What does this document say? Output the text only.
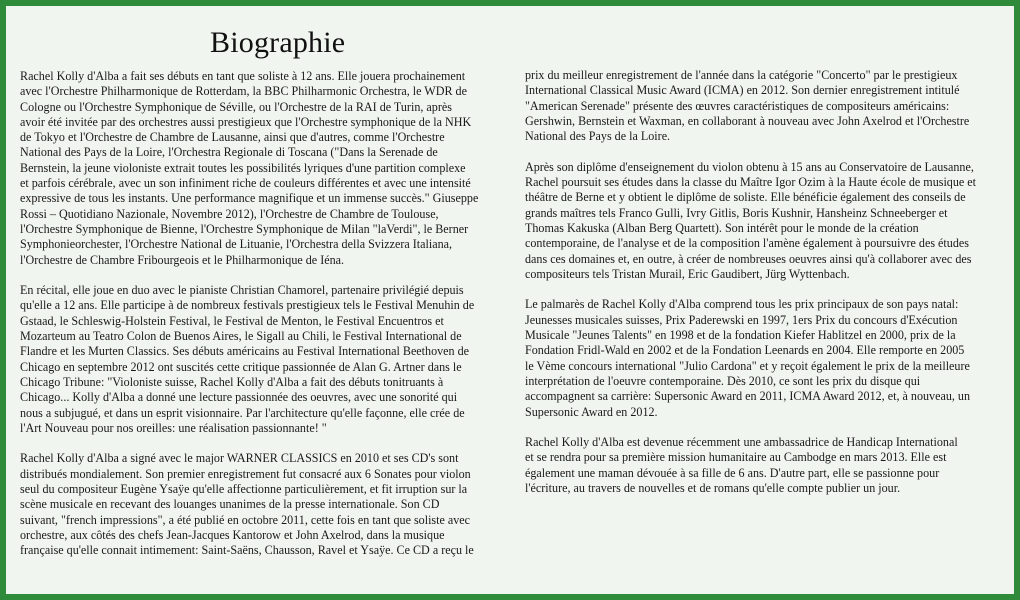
Biographie

Rachel Kolly d'Alba a fait ses débuts en tant que soliste à 12 ans. Elle jouera prochainement
avec l'Orchestre Philharmonique de Rotterdam, la BBC Philharmonic Orchestra, le WDR de
Cologne ou l'Orchestre Symphonique de Séville, ou l'Orchestre de la RAI de Turin, après
avoir été invitée par des orchestres aussi prestigieux que l'Orchestre symphonique de la NHK
de Tokyo et l'Orchestre de Chambre de Lausanne, ainsi que d'autres, comme l'Orchestre
National des Pays de la Loire, l'Orchestra Regionale di Toscana ("Dans la Serenade de
Bernstein, la jeune violoniste extrait toutes les possibilités lyriques d'une partition complexe
et parfois cérébrale, avec un son infiniment riche de couleurs différentes et avec une intensité
expressive de tous les instants. Une performance magnifique et un immense succès." Giuseppe
Rossi – Quotidiano Nazionale, Novembre 2012), l'Orchestre de Chambre de Toulouse,
l'Orchestre Symphonique de Bienne, l'Orchestre Symphonique de Milan "laVerdi", le Berner
Symphonieorchester, l'Orchestre National de Lituanie, l'Orchestra della Svizzera Italiana,
l'Orchestre de Chambre Fribourgeois et le Philharmonique de Iéna.

En récital, elle joue en duo avec le pianiste Christian Chamorel, partenaire privilégié depuis
qu'elle a 12 ans. Elle participe à de nombreux festivals prestigieux tels le Festival Menuhin de
Gstaad, le Schleswig-Holstein Festival, le Festival de Menton, le Festival Encuentros et
Mozarteum au Teatro Colon de Buenos Aires, le Sigall au Chili, le Festival International de
Flandre et les Murten Classics. Ses débuts américains au Festival International Beethoven de
Chicago en septembre 2012 ont suscités cette critique passionnée de Alan G. Artner dans le
Chicago Tribune: "Violoniste suisse, Rachel Kolly d'Alba a fait des débuts tonitruants à
Chicago... Kolly d'Alba a donné une lecture passionnée des oeuvres, avec une sonorité qui
nous a subjugué, et dans un esprit visionnaire. Par l'architecture qu'elle façonne, elle crée de
l'Art Nouveau pour nos oreilles: une réalisation passionnante! "

Rachel Kolly d'Alba a signé avec le major WARNER CLASSICS en 2010 et ses CD's sont
distribués mondialement. Son premier enregistrement fut consacré aux 6 Sonates pour violon
seul du compositeur Eugène Ysaÿe qu'elle affectionne particulièrement, et fit irruption sur la
scène musicale en recevant des louanges unanimes de la presse internationale. Son CD
suivant, "french impressions", a été publié en octobre 2011, cette fois en tant que soliste avec
orchestre, aux côtés des chefs Jean-Jacques Kantorow et John Axelrod, dans la musique
française qu'elle connait intimement: Saint-Saëns, Chausson, Ravel et Ysaÿe. Ce CD a reçu le

prix du meilleur enregistrement de l'année dans la catégorie "Concerto" par le prestigieux
International Classical Music Award (ICMA) en 2012. Son dernier enregistrement intitulé
"American Serenade" présente des œuvres caractéristiques de compositeurs américains:
Gershwin, Bernstein et Waxman, en collaborant à nouveau avec John Axelrod et l'Orchestre
National des Pays de la Loire.

Après son diplôme d'enseignement du violon obtenu à 15 ans au Conservatoire de Lausanne,
Rachel poursuit ses études dans la classe du Maître Igor Ozim à la Haute école de musique et
théâtre de Berne et y obtient le diplôme de soliste. Elle bénéficie également des conseils de
grands maîtres tels Franco Gulli, Ivry Gitlis, Boris Kushnir, Hansheinz Schneeberger et
Thomas Kakuska (Alban Berg Quartett). Son intérêt pour le monde de la création
contemporaine, de l'analyse et de la composition l'amène également à poursuivre des études
dans ces domaines et, en outre, à créer de nombreuses oeuvres ainsi qu'à collaborer avec des
compositeurs tels Tristan Murail, Eric Gaudibert, Jürg Wyttenbach.

Le palmarès de Rachel Kolly d'Alba comprend tous les prix principaux de son pays natal:
Jeunesses musicales suisses, Prix Paderewski en 1997, 1ers Prix du concours d'Exécution
Musicale "Jeunes Talents" en 1998 et de la fondation Kiefer Hablitzel en 2000, prix de la
Fondation Fridl-Wald en 2002 et de la Fondation Leenards en 2004. Elle remporte en 2005
le Vème concours international "Julio Cardona" et y reçoit également le prix de la meilleure
interprétation de l'oeuvre contemporaine. Dès 2010, ce sont les prix du disque qui
accompagnent sa carrière: Supersonic Award en 2011, ICMA Award 2012, et, à nouveau, un
Supersonic Award en 2012.

Rachel Kolly d'Alba est devenue récemment une ambassadrice de Handicap International
et se rendra pour sa première mission humanitaire au Cambodge en mars 2013. Elle est
également une maman dévouée à sa fille de 6 ans. D'autre part, elle se passionne pour
l'écriture, au travers de nouvelles et de romans qu'elle compte publier un jour.
